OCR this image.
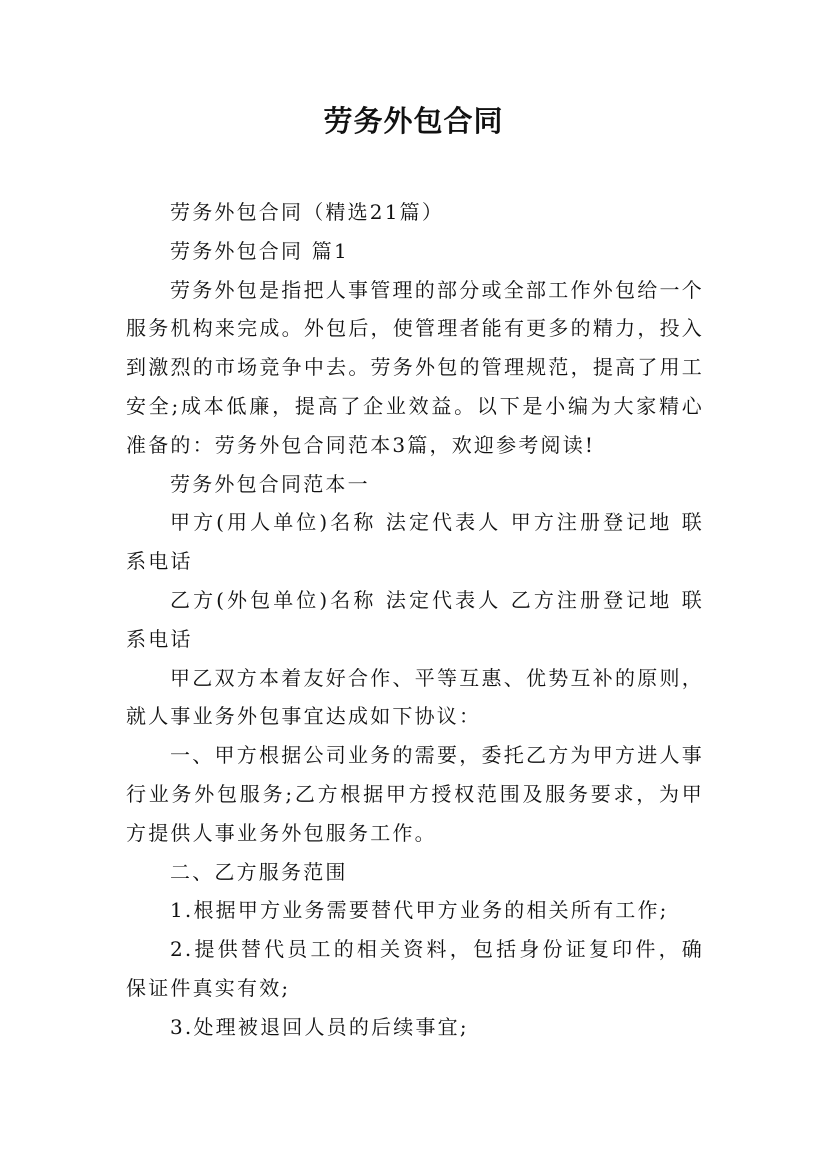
劳务外包合同

劳务外包合同（精选21篇）

劳务外包合同 篇1

劳务外包是指把人事管理的部分或全部工作外包给一个服务机构来完成。外包后，使管理者能有更多的精力，投入到激烈的市场竞争中去。劳务外包的管理规范，提高了用工安全;成本低廉，提高了企业效益。以下是小编为大家精心准备的：劳务外包合同范本3篇，欢迎参考阅读!

劳务外包合同范本一

甲方(用人单位)名称 法定代表人 甲方注册登记地 联系电话

乙方(外包单位)名称 法定代表人 乙方注册登记地 联系电话

甲乙双方本着友好合作、平等互惠、优势互补的原则，就人事业务外包事宜达成如下协议：

一、甲方根据公司业务的需要，委托乙方为甲方进人事行业务外包服务;乙方根据甲方授权范围及服务要求，为甲方提供人事业务外包服务工作。

二、乙方服务范围

1.根据甲方业务需要替代甲方业务的相关所有工作;

2.提供替代员工的相关资料，包括身份证复印件，确保证件真实有效;

3.处理被退回人员的后续事宜;
